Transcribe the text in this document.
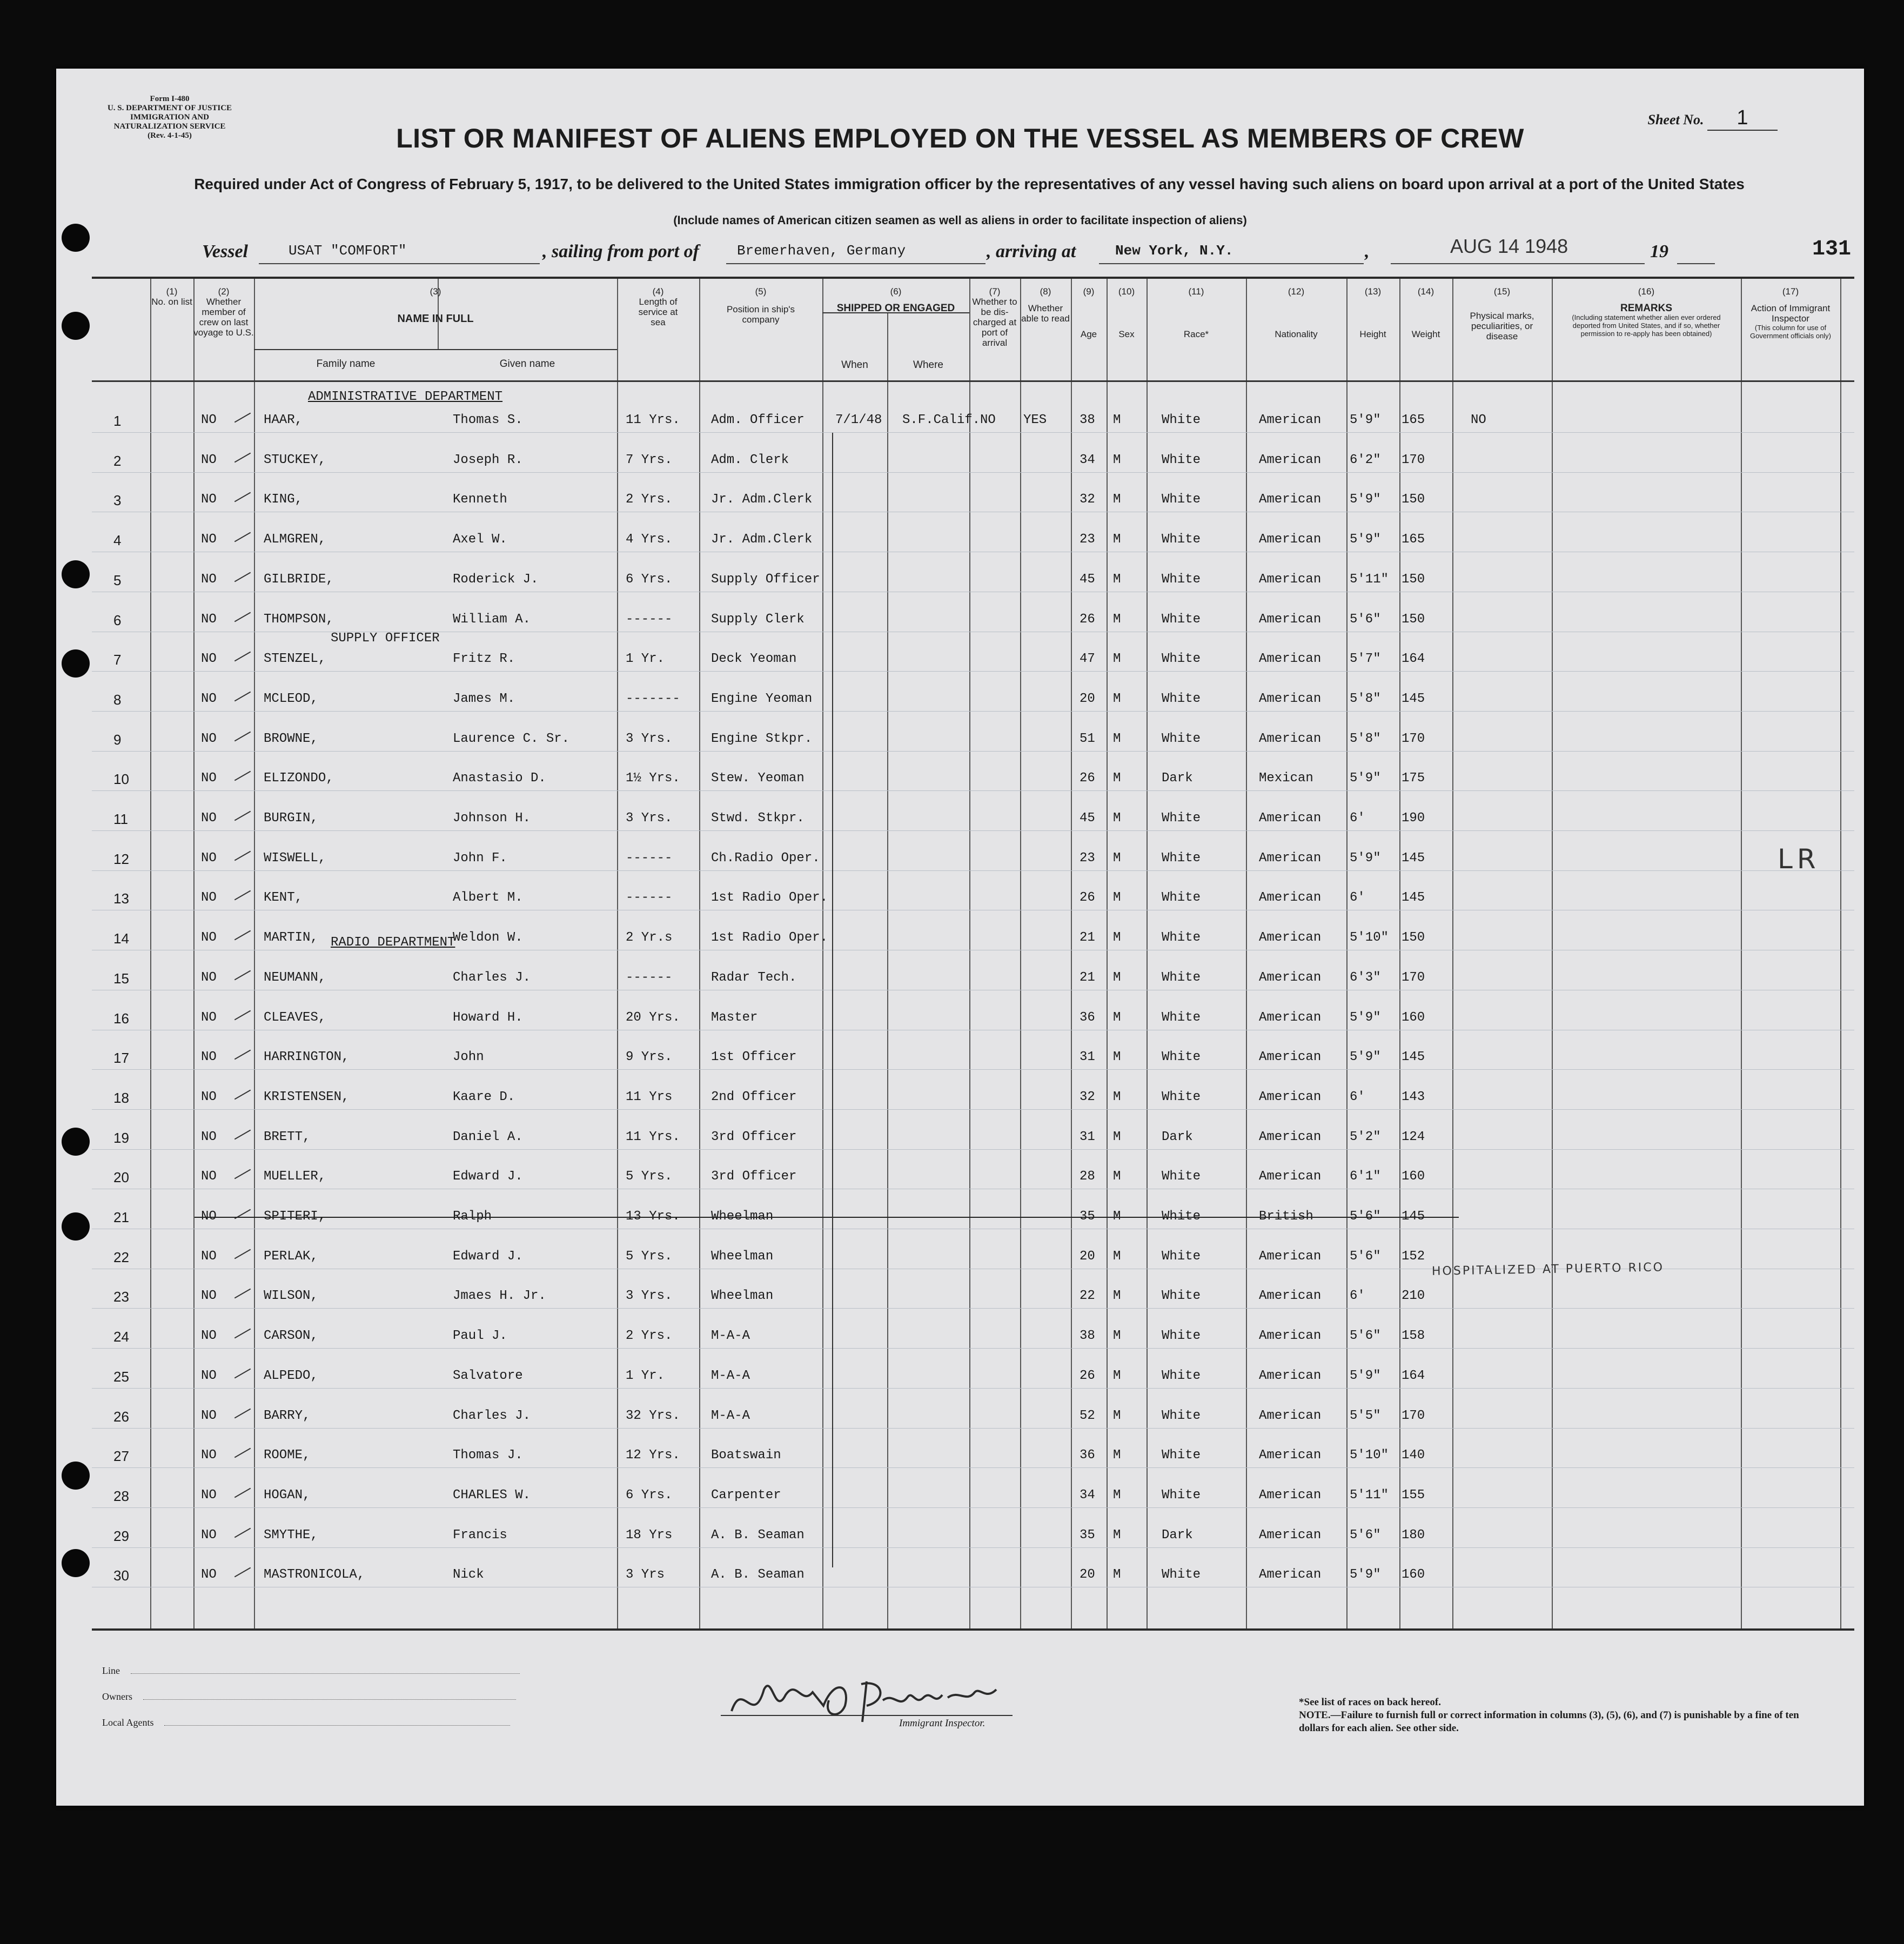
Form I-480
U. S. DEPARTMENT OF JUSTICE
IMMIGRATION AND NATURALIZATION SERVICE
(Rev. 4-1-45)
Sheet No. 1
LIST OR MANIFEST OF ALIENS EMPLOYED ON THE VESSEL AS MEMBERS OF CREW
Required under Act of Congress of February 5, 1917, to be delivered to the United States immigration officer by the representatives of any vessel having such aliens on board upon arrival at a port of the United States
(Include names of American citizen seamen as well as aliens in order to facilitate inspection of aliens)
Vessel	USAT "COMFORT"	, sailing from port of	Bremerhaven, Germany	, arriving at	New York, N.Y.	,	AUG 14 1948	19	131
(1)
No. on list
(2)
Whether member of crew on last voyage to U.S.
(3)
NAME IN FULL
Family name	Given name
(4)
Length of service at sea
(5)
Position in ship's company
(6)
SHIPPED OR ENGAGED
When	Where
(7)
Whether to be dis-charged at port of arrival
(8)
Whether able to read
(9)
Age
(10)
Sex
(11)
Race*
(12)
Nationality
(13)
Height
(14)
Weight
(15)
Physical marks, peculiarities, or disease
(16)
REMARKS
(Including statement whether alien ever ordered deported from United States, and if so, whether permission to re-apply has been obtained)
(17)
Action of Immigrant Inspector
(This column for use of Government officials only)
1	NO	HAAR,	Thomas S.	11 Yrs. Adm. Officer 7/1/48 S.F.Calif. NO YES	38 M	White	American 5'9" 165	NO
2	NO	STUCKEY,	Joseph R.	7 Yrs.	Adm. Clerk	34 M	White	American 6'2" 170
3	NO	KING,	Kenneth	2 Yrs.	Jr. Adm.Clerk	32 M	White	American 5'9" 150
4	NO	ALMGREN,	Axel W.	4 Yrs.	Jr. Adm.Clerk	23 M	White	American 5'9" 165
5	NO	GILBRIDE,	Roderick J.	6 Yrs.	Supply Officer	45 M	White	American 5'11" 150
6	NO	THOMPSON,	William A.	------	Supply Clerk	26 M	White	American 5'6" 150
7	NO	STENZEL,	Fritz R.	1 Yr.	Deck Yeoman	47 M	White	American 5'7" 164
8	NO	MCLEOD,	James M.	------- Engine Yeoman	20 M	White	American 5'8" 145
9	NO	BROWNE,	Laurence C. Sr.	3 Yrs.	Engine Stkpr.	51 M	White	American 5'8" 170
10	NO	ELIZONDO,	Anastasio D.	1½ Yrs. Stew. Yeoman	26 M	Dark	Mexican	5'9" 175
11	NO	BURGIN,	Johnson H.	3 Yrs.	Stwd. Stkpr.	45 M	White	American 6'	190
12	NO	WISWELL,	John F.	------	Ch.Radio Oper.	23 M	White	American 5'9" 145
13	NO	KENT,	Albert M.	------	1st Radio Oper.	26 M	White	American 6'	145
14	NO	MARTIN,	Weldon W.	2 Yr.s	1st Radio Oper.	21 M	White	American 5'10" 150
15	NO	NEUMANN,	Charles J.	------	Radar Tech.	21 M	White	American 6'3" 170
16	NO	CLEAVES,	Howard H.	20 Yrs. Master	36 M	White	American 5'9" 160
17	NO	HARRINGTON,	John	9 Yrs.	1st Officer	31 M	White	American 5'9" 145
18	NO	KRISTENSEN,	Kaare D.	11 Yrs	2nd Officer	32 M	White	American 6'	143
19	NO	BRETT,	Daniel A.	11 Yrs. 3rd Officer	31 M	Dark	American 5'2" 124
20	NO	MUELLER,	Edward J.	5 Yrs.	3rd Officer	28 M	White	American 6'1" 160
21	NO	SPITERI,	Ralph	13 Yrs. Wheelman	35 M	White	British	5'6" 145
22	NO	PERLAK,	Edward J.	5 Yrs.	Wheelman	20 M	White	American 5'6" 152
23	NO	WILSON,	Jmaes H. Jr.	3 Yrs.	Wheelman	22 M	White	American 6'	210
24	NO	CARSON,	Paul J.	2 Yrs.	M-A-A	38 M	White	American 5'6" 158
25	NO	ALPEDO,	Salvatore	1 Yr.	M-A-A	26 M	White	American 5'9" 164
26	NO	BARRY,	Charles J.	32 Yrs. M-A-A	52 M	White	American 5'5" 170
27	NO	ROOME,	Thomas J.	12 Yrs. Boatswain	36 M	White	American 5'10" 140
28	NO	HOGAN,	CHARLES W.	6 Yrs.	Carpenter	34 M	White	American 5'11" 155
29	NO	SMYTHE,	Francis	18 Yrs	A. B. Seaman	35 M	Dark	American 5'6" 180
30	NO	MASTRONICOLA,	Nick	3 Yrs	A. B. Seaman	20 M	White	American 5'9" 160
ADMINISTRATIVE DEPARTMENT
SUPPLY OFFICER
RADIO DEPARTMENT
LR
HOSPITALIZED AT PUERTO RICO
Line
Owners
Local Agents	Immigrant Inspector.
*See list of races on back hereof.
NOTE.—Failure to furnish full or correct information in columns (3), (5), (6), and (7) is punishable by a fine of ten dollars for each alien. See other side.
